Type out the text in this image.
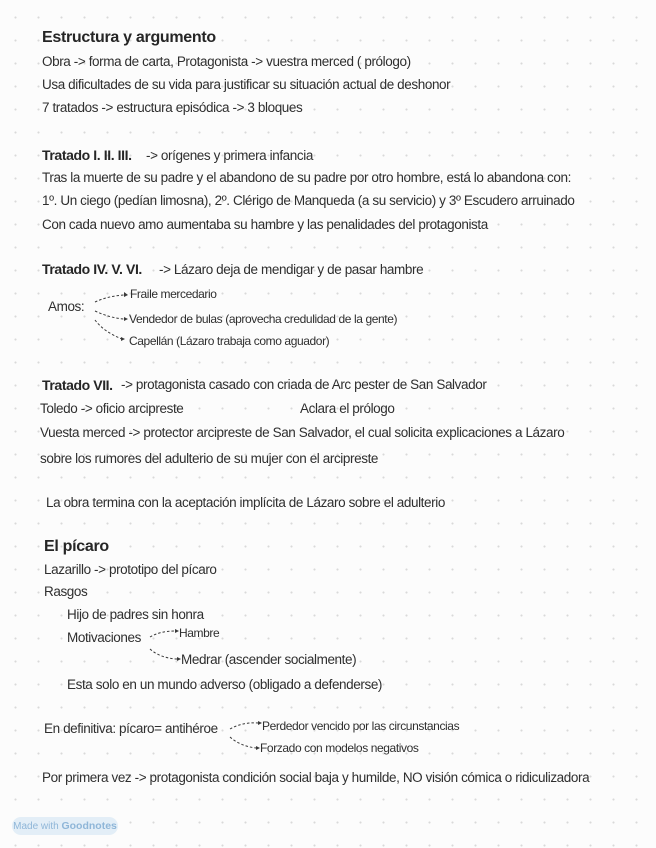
Estructura y argumento
Obra -> forma de carta, Protagonista -> vuestra merced ( prólogo)
Usa dificultades de su vida para justificar su situación actual de deshonor
7 tratados -> estructura episódica -> 3 bloques
Tratado I. II. III. -> orígenes y primera infancia
Tras la muerte de su padre y el abandono de su padre por otro hombre, está lo abandona con:
1º. Un ciego (pedían limosna), 2º. Clérigo de Manqueda (a su servicio) y 3º Escudero arruinado
Con cada nuevo amo aumentaba su hambre y las penalidades del protagonista
Tratado IV. V. VI. -> Lázaro deja de mendigar y de pasar hambre
Amos:
Fraile mercedario
Vendedor de bulas (aprovecha credulidad de la gente)
Capellán (Lázaro trabaja como aguador)
Tratado VII. -> protagonista casado con criada de Arc pester de San Salvador
Toledo -> oficio arcipreste	Aclara el prólogo
Vuesta merced -> protector arcipreste de San Salvador, el cual solicita explicaciones a Lázaro
sobre los rumores del adulterio de su mujer con el arcipreste
La obra termina con la aceptación implícita de Lázaro sobre el adulterio
El pícaro
Lazarillo -> prototipo del pícaro
Rasgos
Hijo de padres sin honra
Motivaciones	Hambre
Medrar (ascender socialmente)
Esta solo en un mundo adverso (obligado a defenderse)
En definitiva: pícaro= antihéroe	Perdedor vencido por las circunstancias
Forzado con modelos negativos
Por primera vez -> protagonista condición social baja y humilde, NO visión cómica o ridiculizadora
Made with Goodnotes
